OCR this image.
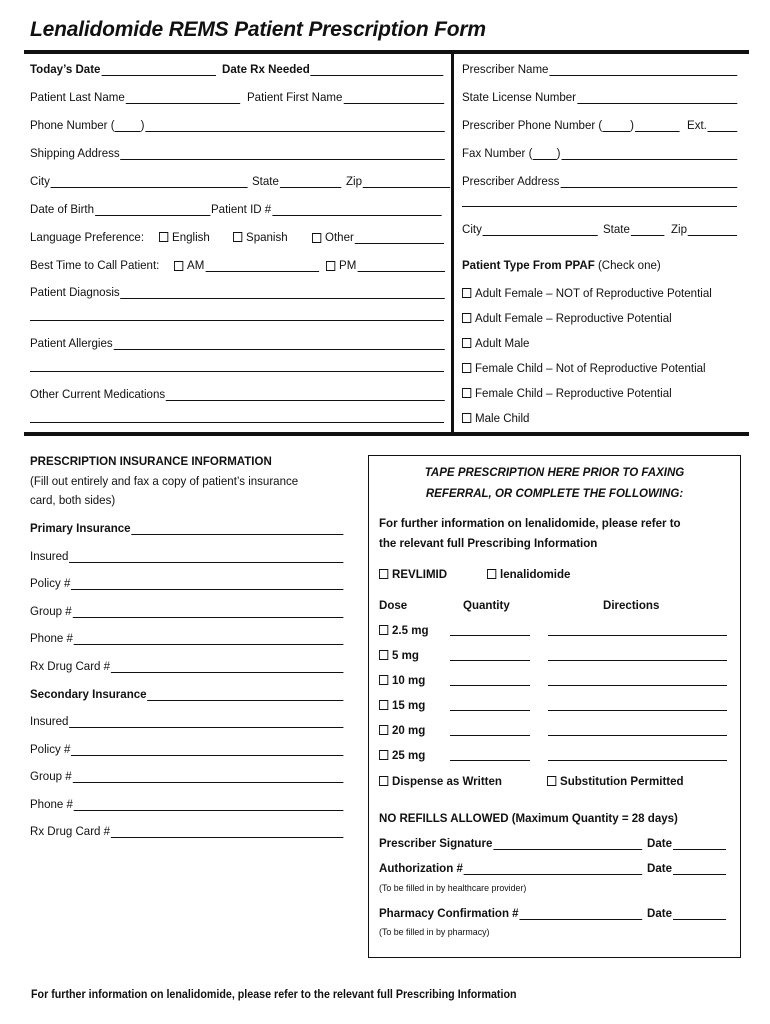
Lenalidomide REMS Patient Prescription Form
Today’s Date	Date Rx Needed
Patient Last Name	Patient First Name
Phone Number ( )
Shipping Address
City	State	Zip
Date of Birth	Patient ID #
Language Preference:	English	Spanish	Other
Best Time to Call Patient: AM	PM
Patient Diagnosis
Patient Allergies
Other Current Medications
Prescriber Name
State License Number
Prescriber Phone Number ( )	Ext.
Fax Number ( )
Prescriber Address
City	State	Zip
Patient Type From PPAF (Check one)
Adult Female – NOT of Reproductive Potential
Adult Female – Reproductive Potential
Adult Male
Female Child – Not of Reproductive Potential
Female Child – Reproductive Potential
Male Child
PRESCRIPTION INSURANCE INFORMATION
(Fill out entirely and fax a copy of patient’s insurance
card, both sides)
Primary Insurance
Insured
Policy #
Group #
Phone #
Rx Drug Card #
Secondary Insurance
Insured
Policy #
Group #
Phone #
Rx Drug Card #
TAPE PRESCRIPTION HERE PRIOR TO FAXING
REFERRAL, OR COMPLETE THE FOLLOWING:
For further information on lenalidomide, please refer to
the relevant full Prescribing Information
REVLIMID	lenalidomide
Dose	Quantity	Directions
2.5 mg
5 mg
10 mg
15 mg
20 mg
25 mg
Dispense as Written	Substitution Permitted
NO REFILLS ALLOWED (Maximum Quantity = 28 days)
Prescriber Signature	Date
Authorization #	Date
(To be filled in by healthcare provider)
Pharmacy Confirmation #	Date
(To be filled in by pharmacy)
For further information on lenalidomide, please refer to the relevant full Prescribing Information
